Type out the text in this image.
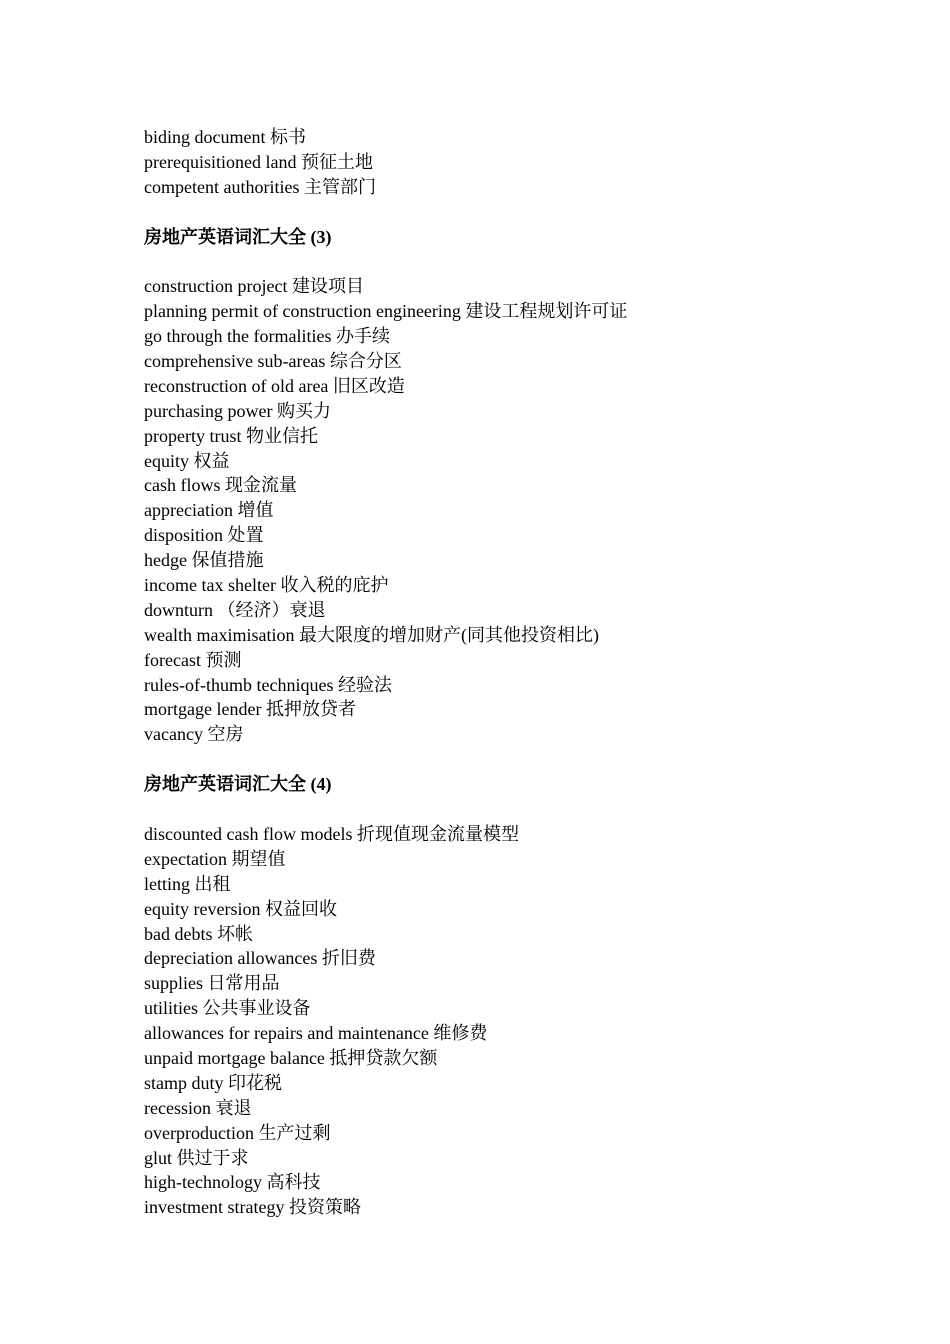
biding document 标书
prerequisitioned land 预征土地
competent authorities 主管部门
房地产英语词汇大全 (3)
construction project 建设项目
planning permit of construction engineering 建设工程规划许可证
go through the formalities 办手续
comprehensive sub-areas 综合分区
reconstruction of old area 旧区改造
purchasing power 购买力
property trust 物业信托
equity 权益
cash flows 现金流量
appreciation 增值
disposition 处置
hedge 保值措施
income tax shelter 收入税的庇护
downturn （经济）衰退
wealth maximisation 最大限度的增加财产(同其他投资相比)
forecast 预测
rules-of-thumb techniques 经验法
mortgage lender 抵押放贷者
vacancy 空房
房地产英语词汇大全 (4)
discounted cash flow models 折现值现金流量模型
expectation 期望值
letting 出租
equity reversion 权益回收
bad debts 坏帐
depreciation allowances 折旧费
supplies 日常用品
utilities 公共事业设备
allowances for repairs and maintenance 维修费
unpaid mortgage balance 抵押贷款欠额
stamp duty 印花税
recession 衰退
overproduction 生产过剩
glut 供过于求
high-technology 高科技
investment strategy 投资策略
